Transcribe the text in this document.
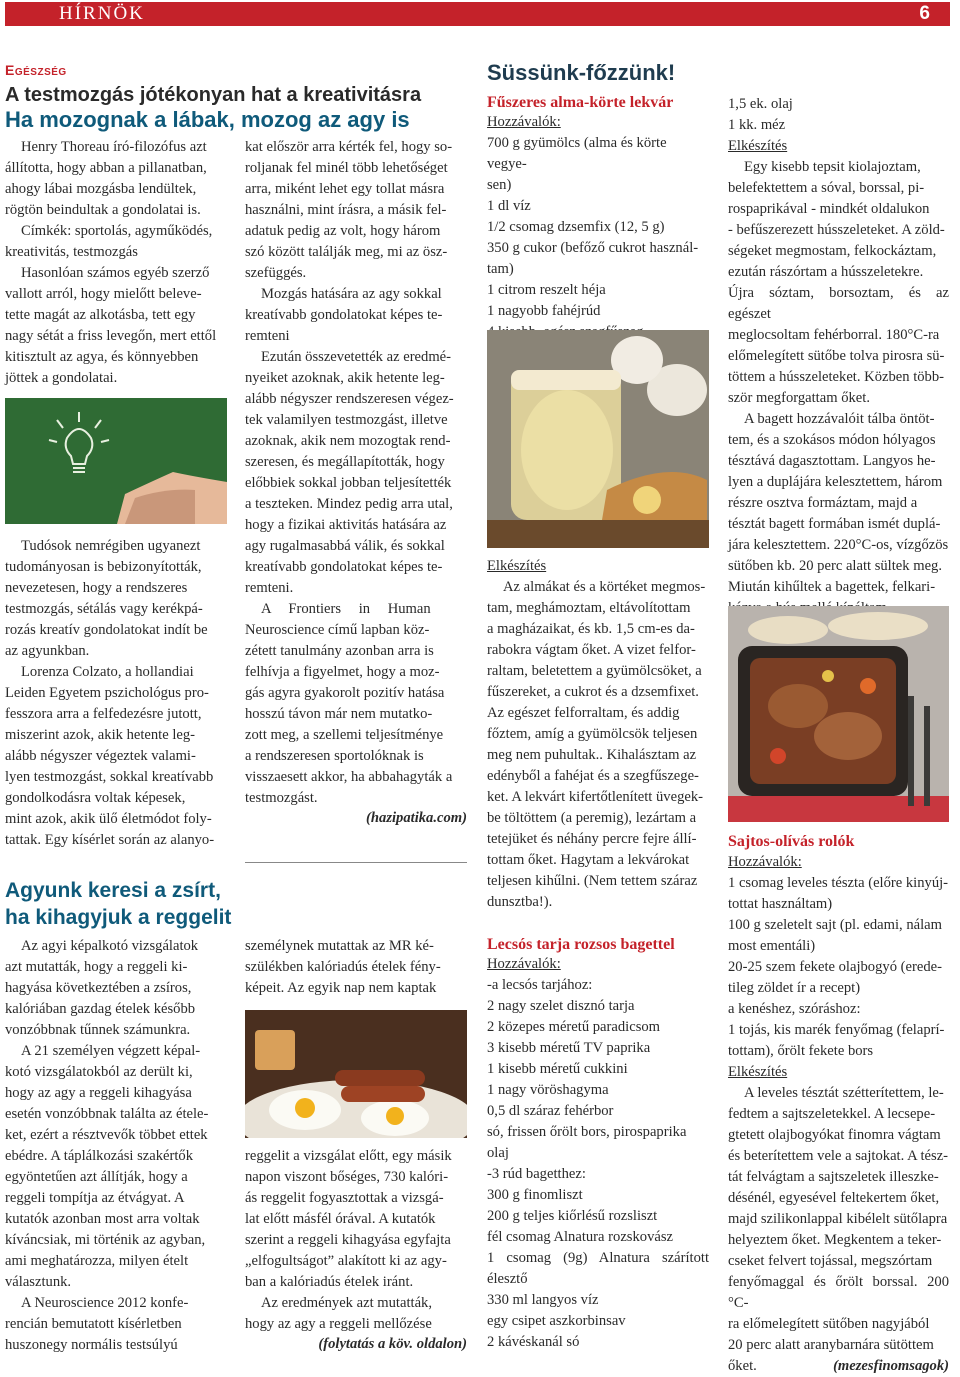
HÍRNÖK	6
Egészség
A testmozgás jótékonyan hat a kreativitásra
Ha mozognak a lábak, mozog az agy is
Henry Thoreau író-filozófus azt
állította, hogy abban a pillanatban,
ahogy lábai mozgásba lendültek,
rögtön beindultak a gondolatai is.
Címkék: sportolás, agyműködés,
kreativitás, testmozgás
Hasonlóan számos egyéb szerző
vallott arról, hogy mielőtt beleve-
tette magát az alkotásba, tett egy
nagy sétát a friss levegőn, mert ettől
kitisztult az agya, és könnyebben
jöttek a gondolatai.
Tudósok nemrégiben ugyanezt
tudományosan is bebizonyították,
nevezetesen, hogy a rendszeres
testmozgás, sétálás vagy kerékpá-
rozás kreatív gondolatokat indít be
az agyunkban.
Lorenza Colzato, a hollandiai
Leiden Egyetem pszichológus pro-
fesszora arra a felfedezésre jutott,
miszerint azok, akik hetente leg-
alább négyszer végeztek valami-
lyen testmozgást, sokkal kreatívabb
gondolkodásra voltak képesek,
mint azok, akik ülő életmódot foly-
tattak. Egy kísérlet során az alanyo-
kat először arra kérték fel, hogy so-
roljanak fel minél több lehetőséget
arra, miként lehet egy tollat másra
használni, mint írásra, a másik fel-
adatuk pedig az volt, hogy három
szó között találják meg, mi az ösz-
szefüggés.
Mozgás hatására az agy sokkal
kreatívabb gondolatokat képes te-
remteni
Ezután összevetették az eredmé-
nyeiket azoknak, akik hetente leg-
alább négyszer rendszeresen végez-
tek valamilyen testmozgást, illetve
azoknak, akik nem mozogtak rend-
szeresen, és megállapították, hogy
előbbiek sokkal jobban teljesítették
a teszteken. Mindez pedig arra utal,
hogy a fizikai aktivitás hatására az
agy rugalmasabbá válik, és sokkal
kreatívabb gondolatokat képes te-
remteni.
A Frontiers in Human
Neuroscience című lapban köz-
zétett tanulmány azonban arra is
felhívja a figyelmet, hogy a moz-
gás agyra gyakorolt pozitív hatása
hosszú távon már nem mutatko-
zott meg, a szellemi teljesítménye
a rendszeresen sportolóknak is
visszaesett akkor, ha abbahagyták a
testmozgást.
(hazipatika.com)
Agyunk keresi a zsírt,
ha kihagyjuk a reggelit
Az agyi képalkotó vizsgálatok
azt mutatták, hogy a reggeli ki-
hagyása következtében a zsíros,
kalóriában gazdag ételek később
vonzóbbnak tűnnek számunkra.
A 21 személyen végzett képal-
kotó vizsgálatokból az derült ki,
hogy az agy a reggeli kihagyása
esetén vonzóbbnak találta az étele-
ket, ezért a résztvevők többet ettek
ebédre. A táplálkozási szakértők
egyöntetűen azt állítják, hogy a
reggeli tompítja az étvágyat. A
kutatók azonban most arra voltak
kíváncsiak, mi történik az agyban,
ami meghatározza, milyen ételt
választunk.
A Neuroscience 2012 konfe-
rencián bemutatott kísérletben
huszonegy normális testsúlyú
személynek mutattak az MR ké-
szülékben kalóriadús ételek fény-
képeit. Az egyik nap nem kaptak
reggelit a vizsgálat előtt, egy másik
napon viszont bőséges, 730 kalóri-
ás reggelit fogyasztottak a vizsgá-
lat előtt másfél órával. A kutatók
szerint a reggeli kihagyása egyfajta
„elfogultságot” alakított ki az agy-
ban a kalóriadús ételek iránt.
Az eredmények azt mutatták,
hogy az agy a reggeli mellőzése
(folytatás a köv. oldalon)
Süssünk-főzzünk!
Fűszeres alma-körte lekvár
Hozzávalók:
700 g gyümölcs (alma és körte vegye-
sen)
1 dl víz
1/2 csomag dzsemfix (12, 5 g)
350 g cukor (befőző cukrot használ-
tam)
1 citrom reszelt héja
1 nagyobb fahéjrúd
Elkészítés
Az almákat és a körtéket megmos-
tam, meghámoztam, eltávolítottam
a magházaikat, és kb. 1,5 cm-es da-
rabokra vágtam őket. A vizet felfor-
raltam, beletettem a gyümölcsöket, a
fűszereket, a cukrot és a dzsemfixet.
Az egészet felforraltam, és addig
főztem, amíg a gyümölcsök teljesen
meg nem puhultak.. Kihalásztam az
edényből a fahéjat és a szegfűszege-
ket. A lekvárt kifertőtlenített üvegek-
be töltöttem (a peremig), lezártam a
tetejüket és néhány percre fejre állí-
tottam őket. Hagytam a lekvárokat
teljesen kihűlni. (Nem tettem száraz
dunsztba!).
Lecsós tarja rozsos bagettel
Hozzávalók:
-a lecsós tarjához:
2 nagy szelet disznó tarja
2 közepes méretű paradicsom
3 kisebb méretű TV paprika
1 kisebb méretű cukkini
1 nagy vöröshagyma
0,5 dl száraz fehérbor
só, frissen őrölt bors, pirospaprika
olaj
-3 rúd bagetthez:
300 g finomliszt
200 g teljes kiőrlésű rozsliszt
fél csomag Alnatura rozskovász
1 csomag (9g) Alnatura szárított
élesztő
330 ml langyos víz
egy csipet aszkorbinsav
2 kávéskanál só
1,5 ek. olaj
1 kk. méz
Elkészítés
Egy kisebb tepsit kiolajoztam,
belefektettem a sóval, borssal, pi-
rospaprikával - mindkét oldalukon
- befűszerezett hússzeleteket. A zöld-
ségeket megmostam, felkockáztam,
ezután rászórtam a hússzeletekre.
Újra sóztam, borsoztam, és az egészet
meglocsoltam fehérborral. 180°C-ra
előmelegített sütőbe tolva pirosra sü-
töttem a hússzeleteket. Közben több-
ször megforgattam őket.
A bagett hozzávalóit tálba öntöt-
tem, és a szokásos módon hólyagos
tésztává dagasztottam. Langyos he-
lyen a duplájára kelesztettem, három
részre osztva formáztam, majd a
tésztát bagett formában ismét duplá-
jára kelesztettem. 220°C-os, vízgőzös
sütőben kb. 20 perc alatt sültek meg.
Miután kihűltek a bagettek, felkari-
Sajtos-olívás rolók
Hozzávalók:
1 csomag leveles tészta (előre kinyúj-
tottat használtam)
100 g szeletelt sajt (pl. edami, nálam
most ementáli)
20-25 szem fekete olajbogyó (erede-
tileg zöldet ír a recept)
a kenéshez, szóráshoz:
1 tojás, kis marék fenyőmag (felaprí-
tottam), őrölt fekete bors
Elkészítés
A leveles tésztát szétterítettem, le-
fedtem a sajtszeletekkel. A lecsepe-
gtetett olajbogyókat finomra vágtam
és beterítettem vele a sajtokat. A tész-
tát felvágtam a sajtszeletek illeszke-
désénél, egyesével feltekertem őket,
majd szilikonlappal kibélelt sütőlapra
helyeztem őket. Megkentem a teker-
cseket felvert tojással, megszórtam
fenyőmaggal és őrölt borssal. 200 °C-
ra előmelegített sütőben nagyjából
20 perc alatt aranybarnára sütöttem
őket.	(mezesfinomsagok)
